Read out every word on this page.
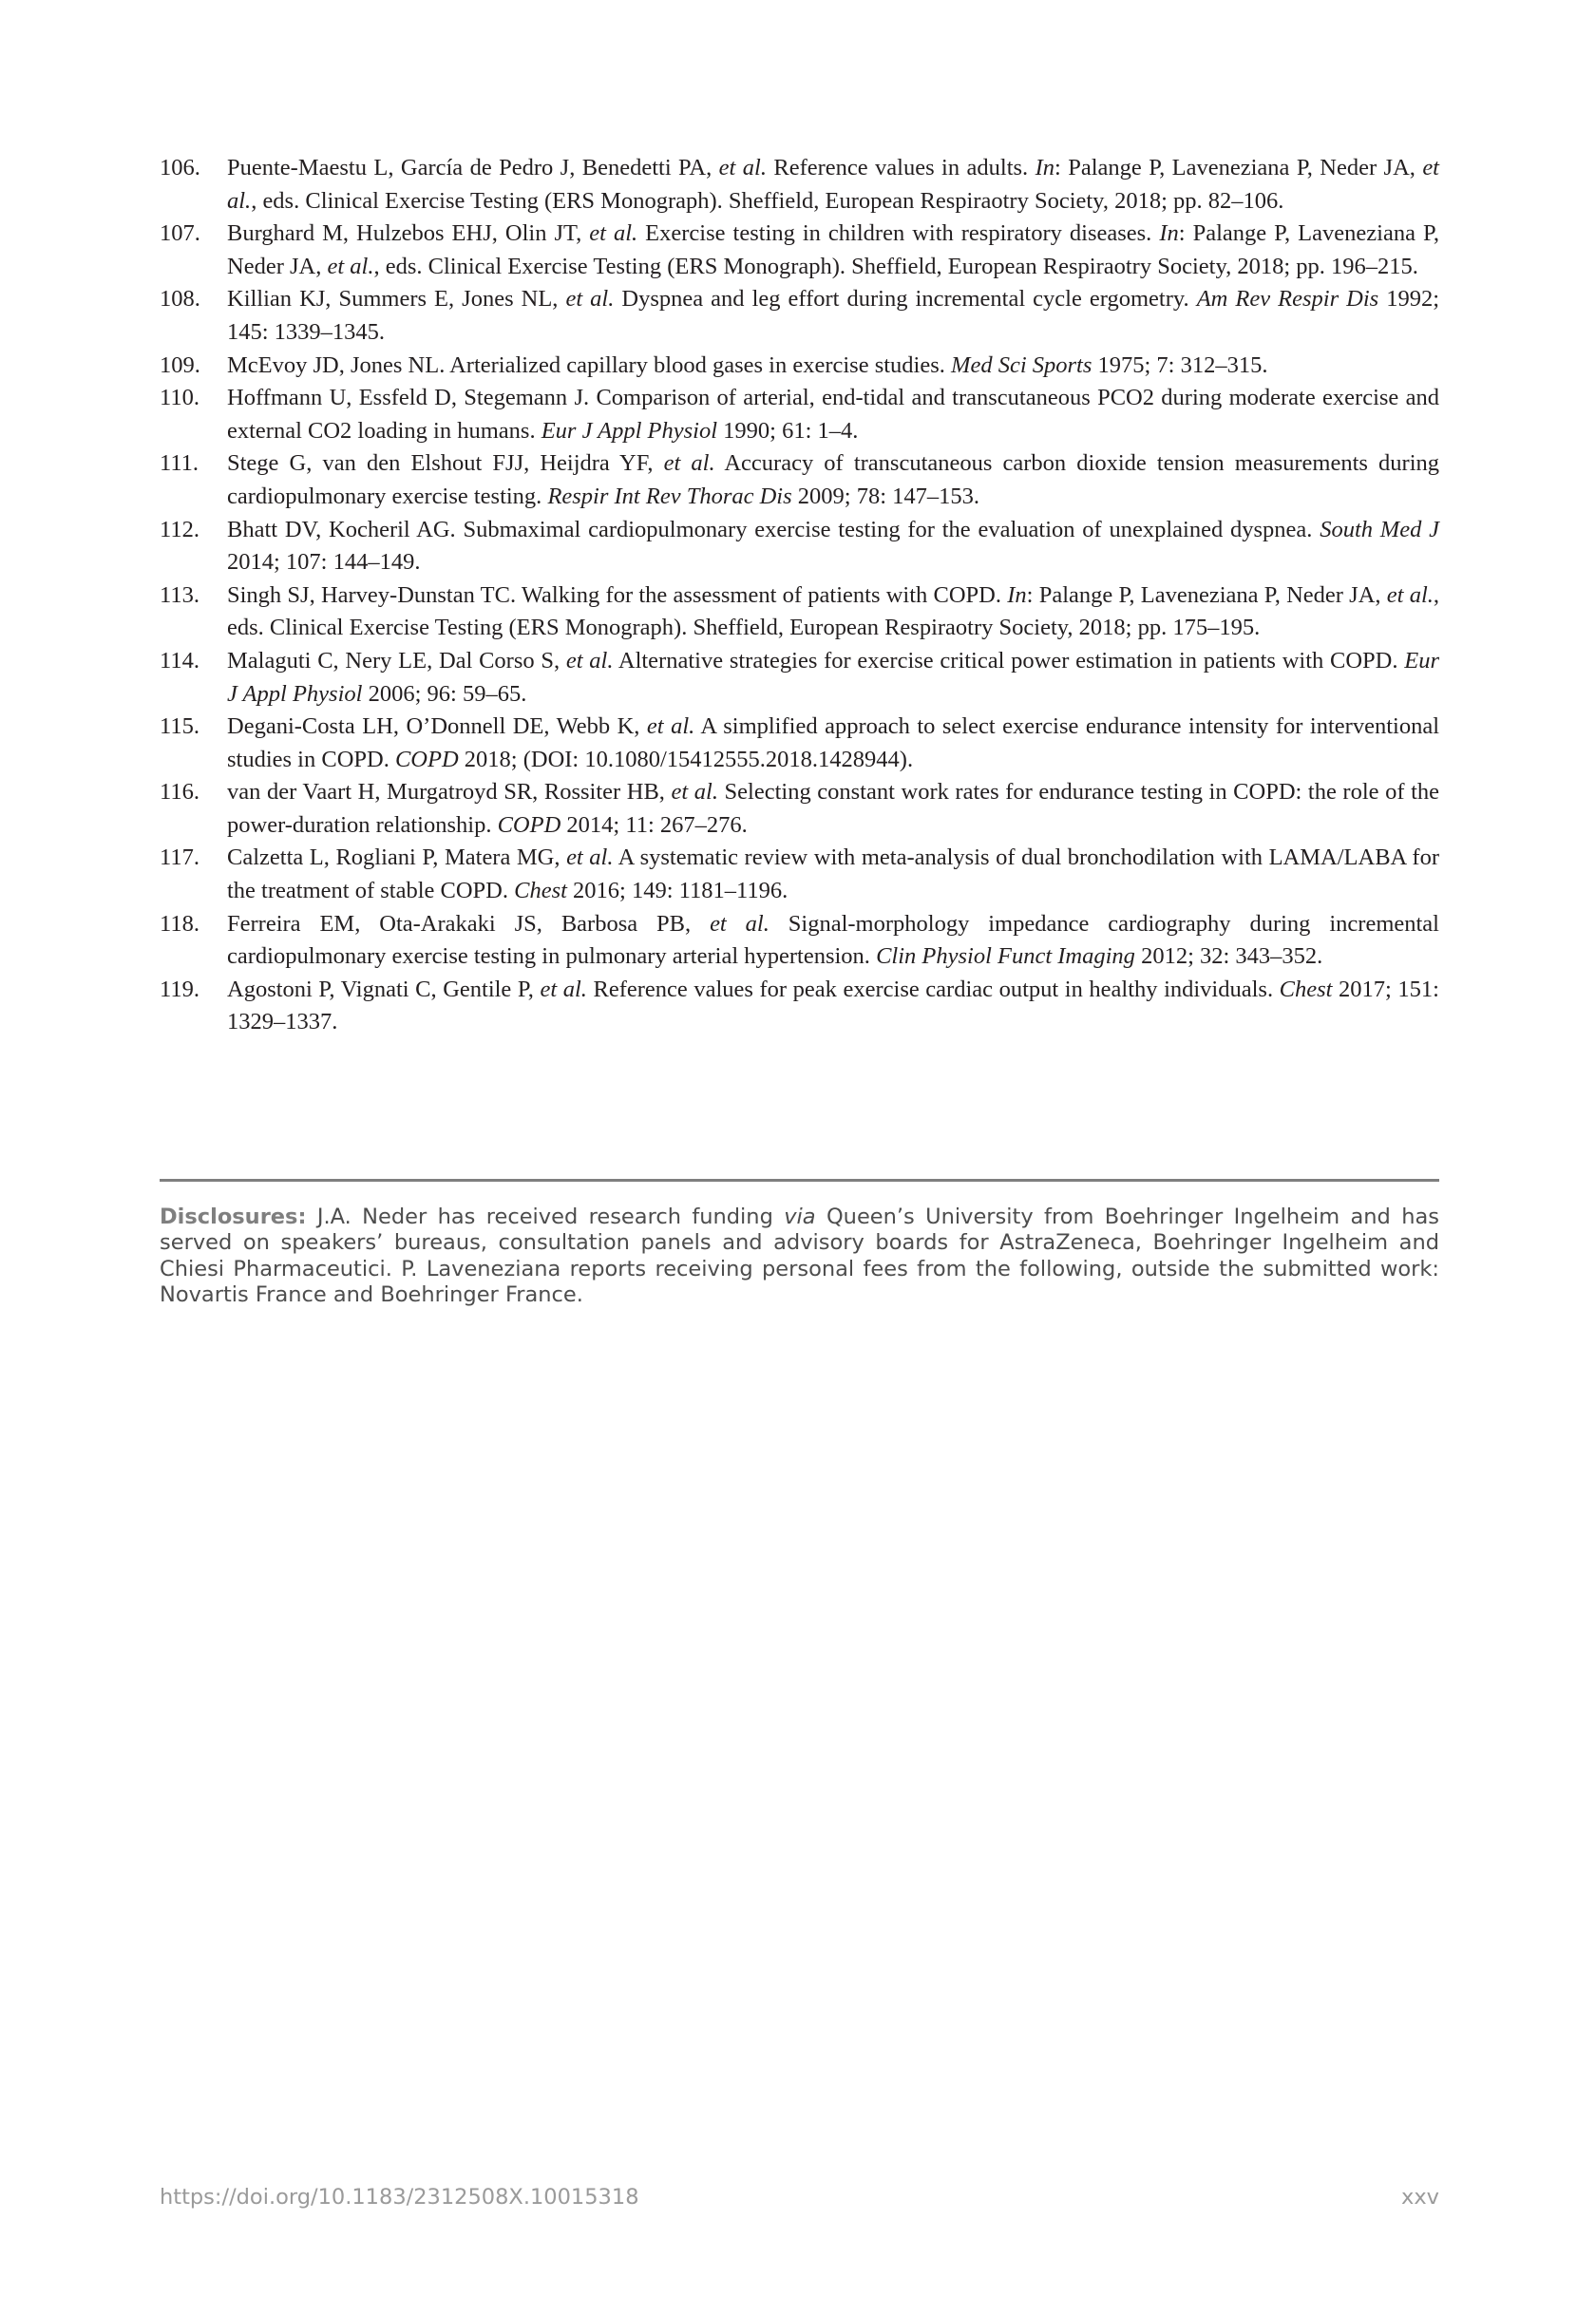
106.	Puente-Maestu L, García de Pedro J, Benedetti PA, et al. Reference values in adults. In: Palange P, Laveneziana P, Neder JA, et al., eds. Clinical Exercise Testing (ERS Monograph). Sheffield, European Respiraotry Society, 2018; pp. 82–106.
107.	Burghard M, Hulzebos EHJ, Olin JT, et al. Exercise testing in children with respiratory diseases. In: Palange P, Laveneziana P, Neder JA, et al., eds. Clinical Exercise Testing (ERS Monograph). Sheffield, European Respiraotry Society, 2018; pp. 196–215.
108.	Killian KJ, Summers E, Jones NL, et al. Dyspnea and leg effort during incremental cycle ergometry. Am Rev Respir Dis 1992; 145: 1339–1345.
109.	McEvoy JD, Jones NL. Arterialized capillary blood gases in exercise studies. Med Sci Sports 1975; 7: 312–315.
110.	Hoffmann U, Essfeld D, Stegemann J. Comparison of arterial, end-tidal and transcutaneous PCO2 during moderate exercise and external CO2 loading in humans. Eur J Appl Physiol 1990; 61: 1–4.
111.	Stege G, van den Elshout FJJ, Heijdra YF, et al. Accuracy of transcutaneous carbon dioxide tension measurements during cardiopulmonary exercise testing. Respir Int Rev Thorac Dis 2009; 78: 147–153.
112.	Bhatt DV, Kocheril AG. Submaximal cardiopulmonary exercise testing for the evaluation of unexplained dyspnea. South Med J 2014; 107: 144–149.
113.	Singh SJ, Harvey-Dunstan TC. Walking for the assessment of patients with COPD. In: Palange P, Laveneziana P, Neder JA, et al., eds. Clinical Exercise Testing (ERS Monograph). Sheffield, European Respiraotry Society, 2018; pp. 175–195.
114.	Malaguti C, Nery LE, Dal Corso S, et al. Alternative strategies for exercise critical power estimation in patients with COPD. Eur J Appl Physiol 2006; 96: 59–65.
115.	Degani-Costa LH, O’Donnell DE, Webb K, et al. A simplified approach to select exercise endurance intensity for interventional studies in COPD. COPD 2018; (DOI: 10.1080/15412555.2018.1428944).
116.	van der Vaart H, Murgatroyd SR, Rossiter HB, et al. Selecting constant work rates for endurance testing in COPD: the role of the power-duration relationship. COPD 2014; 11: 267–276.
117.	Calzetta L, Rogliani P, Matera MG, et al. A systematic review with meta-analysis of dual bronchodilation with LAMA/LABA for the treatment of stable COPD. Chest 2016; 149: 1181–1196.
118.	Ferreira EM, Ota-Arakaki JS, Barbosa PB, et al. Signal-morphology impedance cardiography during incremental cardiopulmonary exercise testing in pulmonary arterial hypertension. Clin Physiol Funct Imaging 2012; 32: 343–352.
119.	Agostoni P, Vignati C, Gentile P, et al. Reference values for peak exercise cardiac output in healthy individuals. Chest 2017; 151: 1329–1337.
Disclosures: J.A. Neder has received research funding via Queen’s University from Boehringer Ingelheim and has served on speakers’ bureaus, consultation panels and advisory boards for AstraZeneca, Boehringer Ingelheim and Chiesi Pharmaceutici. P. Laveneziana reports receiving personal fees from the following, outside the submitted work: Novartis France and Boehringer France.
https://doi.org/10.1183/2312508X.10015318	xxv
